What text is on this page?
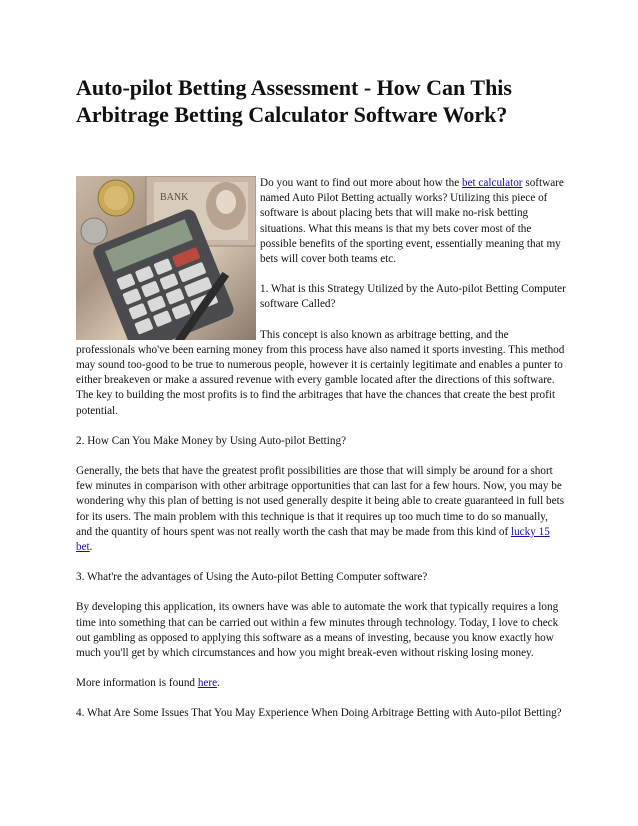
Auto-pilot Betting Assessment - How Can This Arbitrage Betting Calculator Software Work?
BANK

Do you want to find out more about how the bet calculator software named Auto Pilot Betting actually works? Utilizing this piece of software is about placing bets that will make no-risk betting situations. What this means is that my bets cover most of the possible benefits of the sporting event, essentially meaning that my bets will cover both teams etc.

1. What is this Strategy Utilized by the Auto-pilot Betting Computer software Called?

This concept is also known as arbitrage betting, and the professionals who've been earning money from this process have also named it sports investing. This method may sound too-good to be true to numerous people, however it is certainly legitimate and enables a punter to either breakeven or make a assured revenue with every gamble located after the directions of this software. The key to building the most profits is to find the arbitrages that have the chances that create the best profit potential.

2. How Can You Make Money by Using Auto-pilot Betting?

Generally, the bets that have the greatest profit possibilities are those that will simply be around for a short few minutes in comparison with other arbitrage opportunities that can last for a few hours. Now, you may be wondering why this plan of betting is not used generally despite it being able to create guaranteed in full bets for its users. The main problem with this technique is that it requires up too much time to do so manually, and the quantity of hours spent was not really worth the cash that may be made from this kind of lucky 15 bet.

3. What're the advantages of Using the Auto-pilot Betting Computer software?

By developing this application, its owners have was able to automate the work that typically requires a long time into something that can be carried out within a few minutes through technology. Today, I love to check out gambling as opposed to applying this software as a means of investing, because you know exactly how much you'll get by which circumstances and how you might break-even without risking losing money.

More information is found here.

4. What Are Some Issues That You May Experience When Doing Arbitrage Betting with Auto-pilot Betting?
